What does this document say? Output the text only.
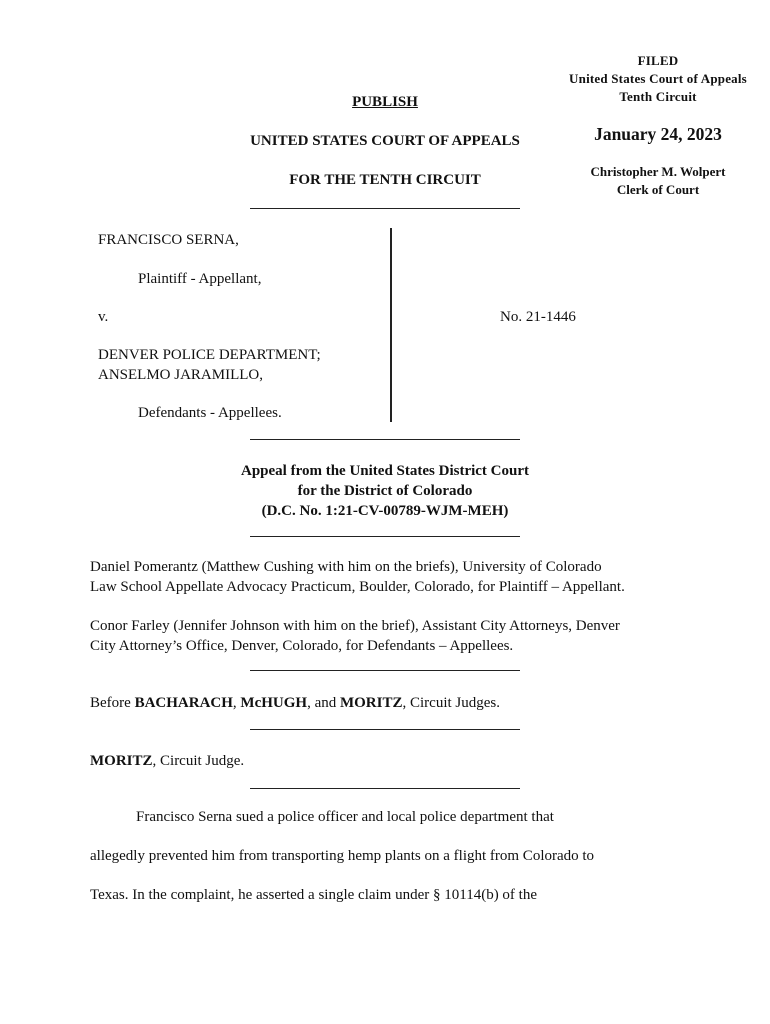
FILED
United States Court of Appeals
Tenth Circuit
January 24, 2023
Christopher M. Wolpert
Clerk of Court
PUBLISH
UNITED STATES COURT OF APPEALS
FOR THE TENTH CIRCUIT
FRANCISCO SERNA,
Plaintiff - Appellant,
v.
DENVER POLICE DEPARTMENT;
ANSELMO JARAMILLO,
Defendants - Appellees.
No. 21-1446
Appeal from the United States District Court
for the District of Colorado
(D.C. No. 1:21-CV-00789-WJM-MEH)
Daniel Pomerantz (Matthew Cushing with him on the briefs), University of Colorado
Law School Appellate Advocacy Practicum, Boulder, Colorado, for Plaintiff – Appellant.
Conor Farley (Jennifer Johnson with him on the brief), Assistant City Attorneys, Denver
City Attorney’s Office, Denver, Colorado, for Defendants – Appellees.
Before BACHARACH, McHUGH, and MORITZ, Circuit Judges.
MORITZ, Circuit Judge.
Francisco Serna sued a police officer and local police department that
allegedly prevented him from transporting hemp plants on a flight from Colorado to
Texas. In the complaint, he asserted a single claim under § 10114(b) of the
